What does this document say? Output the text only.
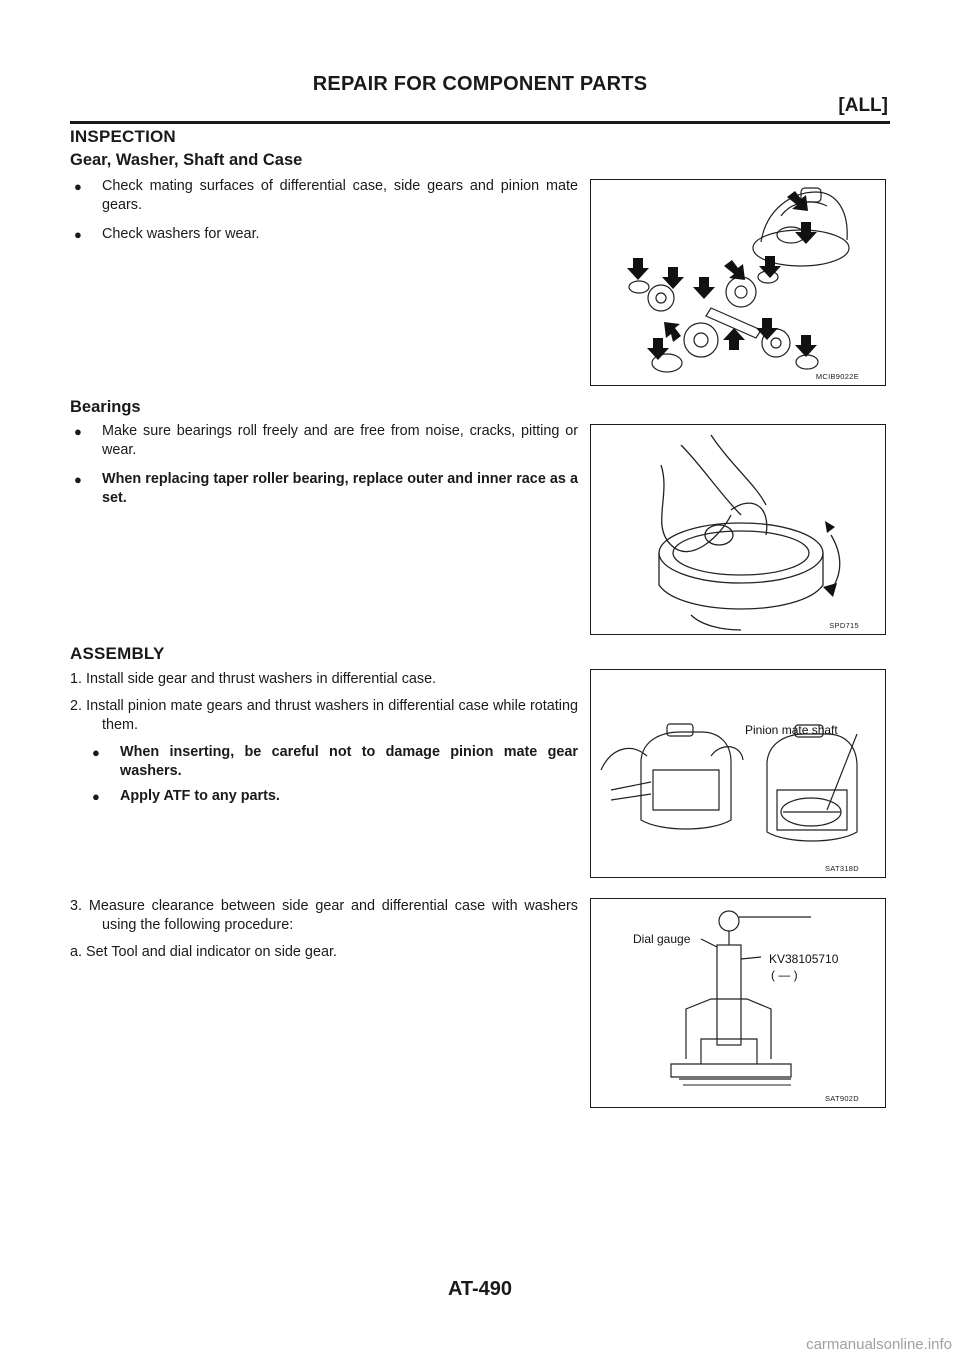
REPAIR FOR COMPONENT PARTS
[ALL]
INSPECTION
Gear, Washer, Shaft and Case
● Check mating surfaces of differential case, side gears and pinion mate gears.
● Check washers for wear.
MCIB9022E
Bearings
● Make sure bearings roll freely and are free from noise, cracks, pitting or wear.
● When replacing taper roller bearing, replace outer and inner race as a set.
SPD715
ASSEMBLY
1. Install side gear and thrust washers in differential case.
2. Install pinion mate gears and thrust washers in differential case while rotating them.
● When inserting, be careful not to damage pinion mate gear washers.
● Apply ATF to any parts.
Pinion mate shaft
SAT318D
3. Measure clearance between side gear and differential case with washers using the following procedure:
a. Set Tool and dial indicator on side gear.
Dial gauge
KV38105710
( — )
SAT902D
AT-490
carmanualsonline.info
